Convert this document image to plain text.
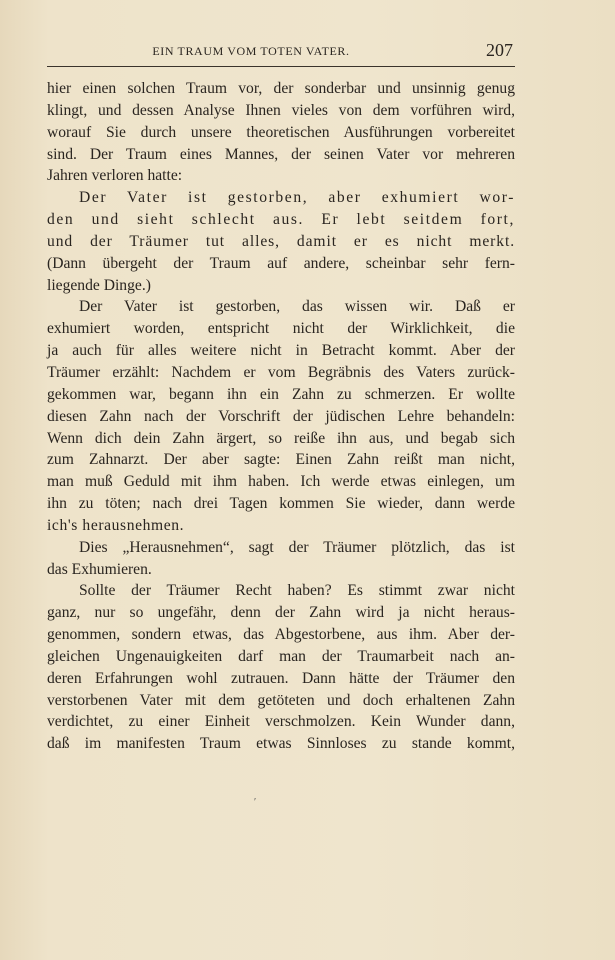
EIN TRAUM VOM TOTEN VATER.	207
hier einen solchen Traum vor, der sonderbar und unsinnig genug
klingt, und dessen Analyse Ihnen vieles von dem vorführen wird,
worauf Sie durch unsere theoretischen Ausführungen vorbereitet
sind. Der Traum eines Mannes, der seinen Vater vor mehreren
Jahren verloren hatte:
Der Vater ist gestorben, aber exhumiert wor-
den und sieht schlecht aus. Er lebt seitdem fort,
und der Träumer tut alles, damit er es nicht merkt.
(Dann übergeht der Traum auf andere, scheinbar sehr fern-
liegende Dinge.)
Der Vater ist gestorben, das wissen wir. Daß er
exhumiert worden, entspricht nicht der Wirklichkeit, die
ja auch für alles weitere nicht in Betracht kommt. Aber der
Träumer erzählt: Nachdem er vom Begräbnis des Vaters zurück-
gekommen war, begann ihn ein Zahn zu schmerzen. Er wollte
diesen Zahn nach der Vorschrift der jüdischen Lehre behandeln:
Wenn dich dein Zahn ärgert, so reiße ihn aus, und begab sich
zum Zahnarzt. Der aber sagte: Einen Zahn reißt man nicht,
man muß Geduld mit ihm haben. Ich werde etwas einlegen, um
ihn zu töten; nach drei Tagen kommen Sie wieder, dann werde
ich's herausnehmen.
Dies „Herausnehmen“, sagt der Träumer plötzlich, das ist
das Exhumieren.
Sollte der Träumer Recht haben? Es stimmt zwar nicht
ganz, nur so ungefähr, denn der Zahn wird ja nicht heraus-
genommen, sondern etwas, das Abgestorbene, aus ihm. Aber der-
gleichen Ungenauigkeiten darf man der Traumarbeit nach an-
deren Erfahrungen wohl zutrauen. Dann hätte der Träumer den
verstorbenen Vater mit dem getöteten und doch erhaltenen Zahn
verdichtet, zu einer Einheit verschmolzen. Kein Wunder dann,
daß im manifesten Traum etwas Sinnloses zu stande kommt,
ʹ
